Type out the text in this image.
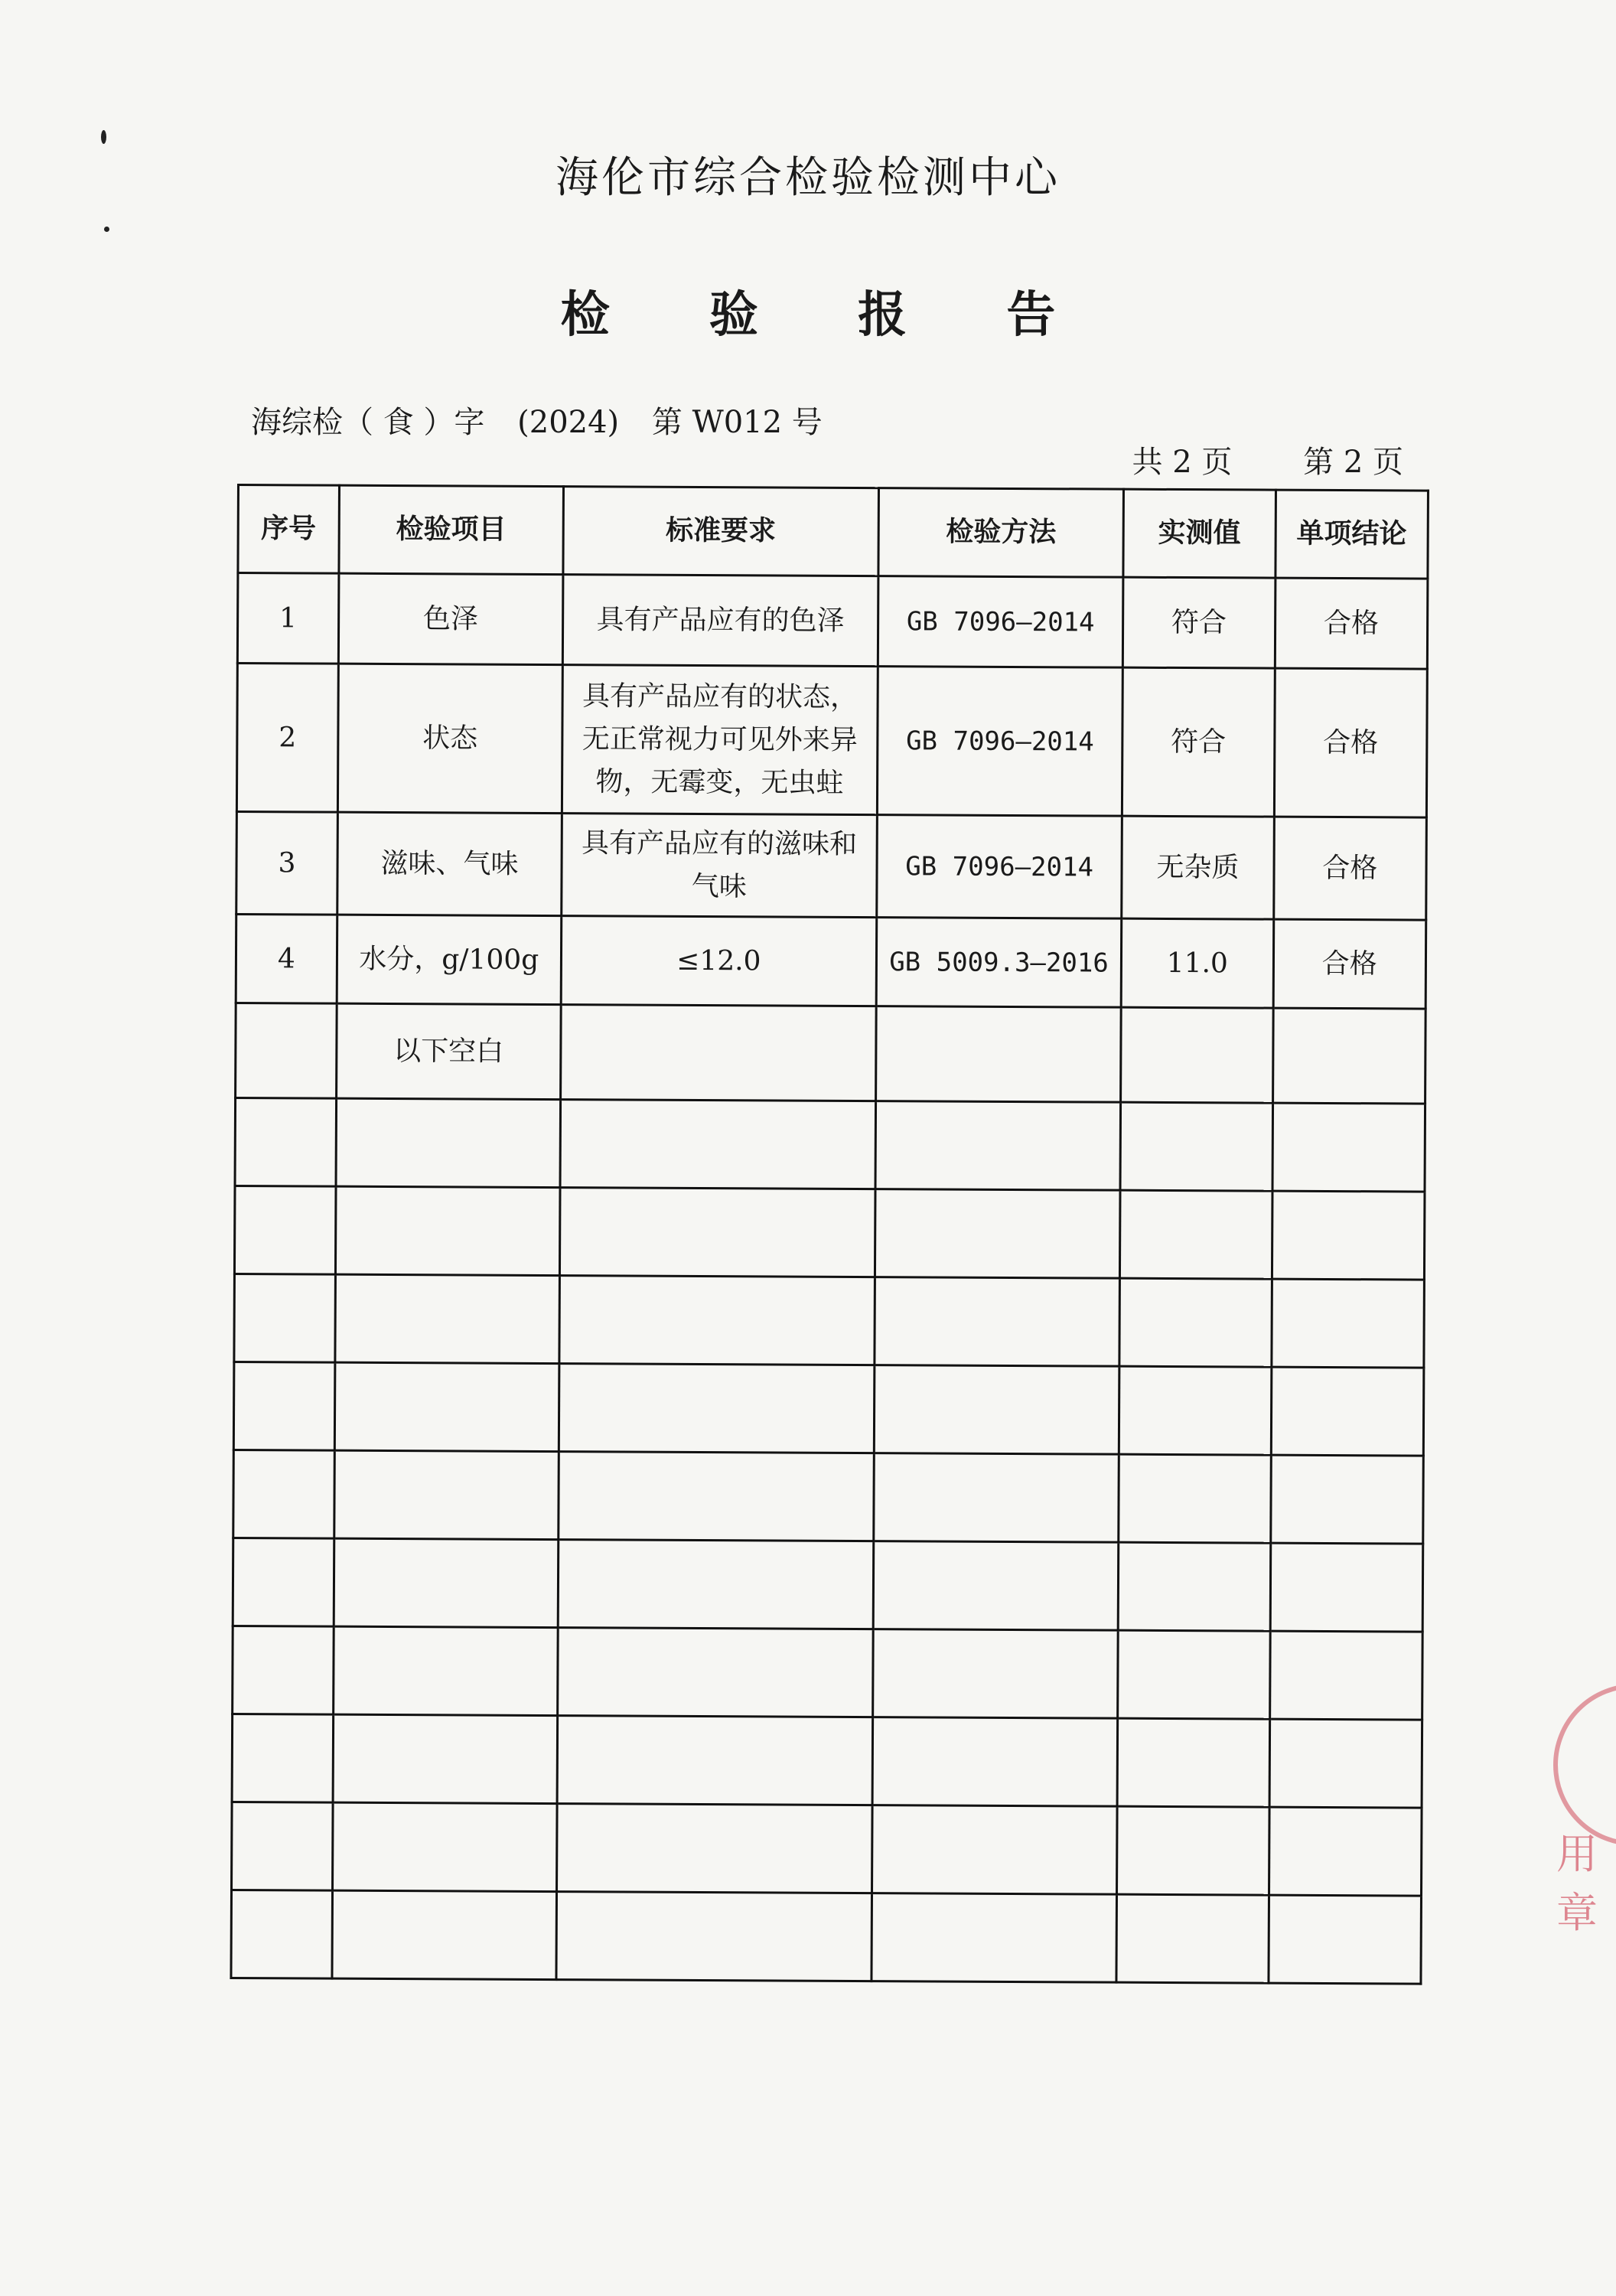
海伦市综合检验检测中心
检 验 报 告
海综检（ 食 ）字 (2024) 第 W012 号
共 2 页 第 2 页
序号	检验项目	标准要求	检验方法	实测值	单项结论
1	色泽	具有产品应有的色泽	GB 7096—2014	符合	合格
2	状态	具有产品应有的状态，无正常视力可见外来异物，无霉变，无虫蛀	GB 7096—2014	符合	合格
3	滋味、气味	具有产品应有的滋味和气味	GB 7096—2014	无杂质	合格
4	水分，g/100g	≤12.0	GB 5009.3—2016	11.0	合格
	以下空白				

用章
